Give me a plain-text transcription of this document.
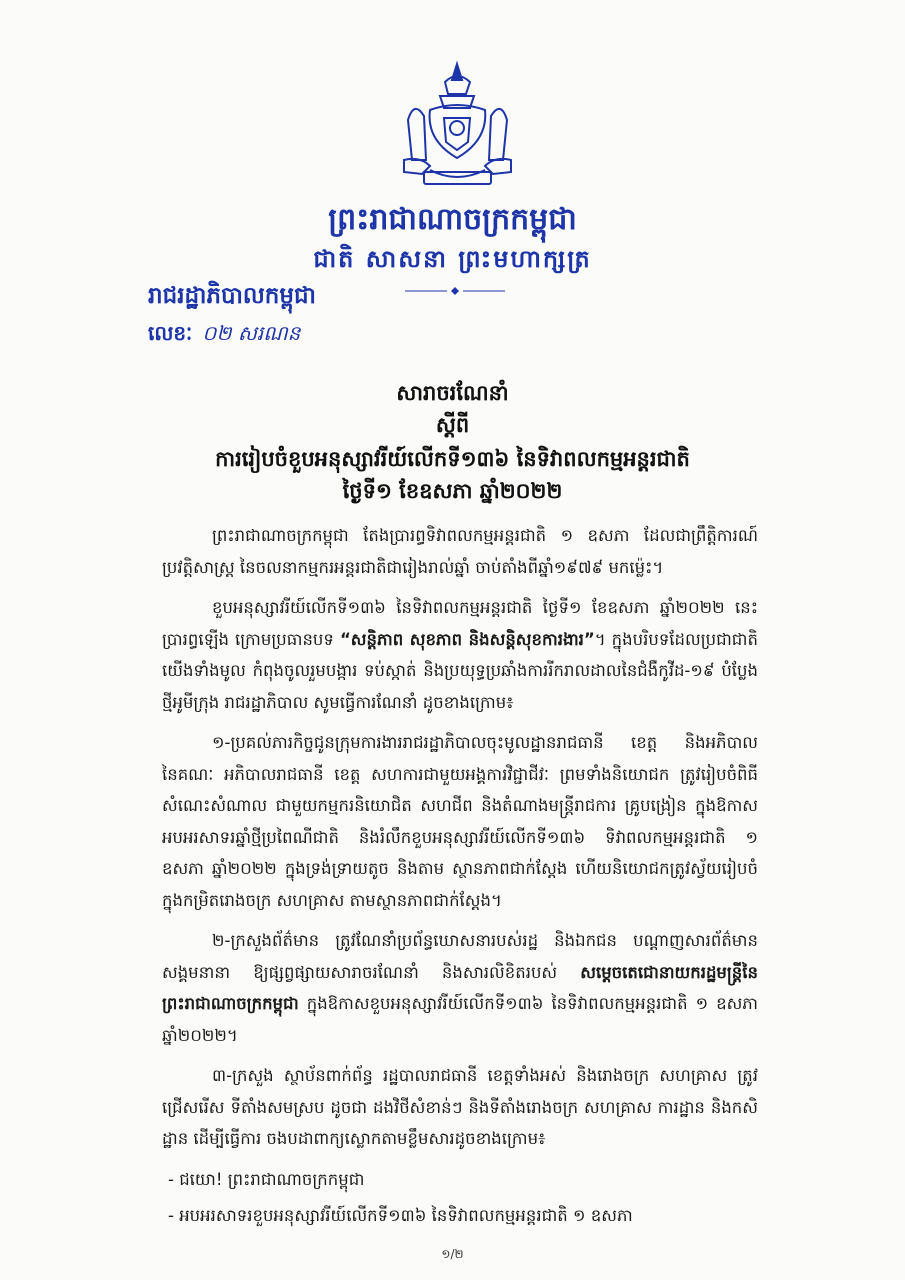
ព្រះរាជាណាចក្រកម្ពុជា
ជាតិ សាសនា ព្រះមហាក្សត្រ
រាជរដ្ឋាភិបាលកម្ពុជា
លេខៈ ០២ សរណន
សារាចរណែនាំ
ស្តីពី
ការរៀបចំខួបអនុស្សាវរីយ៍លើកទី១៣៦ នៃទិវាពលកម្មអន្តរជាតិ
ថ្ងៃទី១ ខែឧសភា ឆ្នាំ២០២២

ព្រះរាជាណាចក្រកម្ពុជា តែងប្រារព្ធទិវាពលកម្មអន្តរជាតិ ១ ឧសភា ដែលជាព្រឹត្តិការណ៍ប្រវត្តិសាស្ត្រ នៃចលនាកម្មករអន្តរជាតិជារៀងរាល់ឆ្នាំ ចាប់តាំងពីឆ្នាំ១៩៧៩ មកម្ល៉េះ។

ខួបអនុស្សាវរីយ៍លើកទី១៣៦ នៃទិវាពលកម្មអន្តរជាតិ ថ្ងៃទី១ ខែឧសភា ឆ្នាំ២០២២ នេះ ប្រារព្ធឡើង ក្រោមប្រធានបទ “សន្តិភាព សុខភាព និងសន្តិសុខការងារ”។ ក្នុងបរិបទដែលប្រជាជាតិយើងទាំងមូល កំពុងចូលរួមបង្ការ ទប់ស្កាត់ និងប្រយុទ្ធប្រឆាំងការរីករាលដាលនៃជំងឺកូវីដ-១៩ បំប្លែងថ្មីអូមីក្រុង រាជរដ្ឋាភិបាល សូមធ្វើការណែនាំ ដូចខាងក្រោម៖

១-ប្រគល់ភារកិច្ចជូនក្រុមការងាររាជរដ្ឋាភិបាលចុះមូលដ្ឋានរាជធានី ខេត្ត និងអភិបាលនៃគណៈ អភិបាលរាជធានី ខេត្ត សហការជាមួយអង្គការវិជ្ជាជីវៈ ព្រមទាំងនិយោជក ត្រូវរៀបចំពិធីសំណេះសំណាល ជាមួយកម្មករនិយោជិត សហជីព និងតំណាងមន្ត្រីរាជការ គ្រូបង្រៀន ក្នុងឱកាសអបអរសាទរឆ្នាំថ្មីប្រពៃណីជាតិ និងរំលឹកខួបអនុស្សាវរីយ៍លើកទី១៣៦ ទិវាពលកម្មអន្តរជាតិ ១ ឧសភា ឆ្នាំ២០២២ ក្នុងទ្រង់ទ្រាយតូច និងតាម ស្ថានភាពជាក់ស្តែង ហើយនិយោជកត្រូវស្វ័យរៀបចំក្នុងកម្រិតរោងចក្រ សហគ្រាស តាមស្ថានភាពជាក់ស្តែង។

២-ក្រសួងព័ត៌មាន ត្រូវណែនាំប្រព័ន្ធឃោសនារបស់រដ្ឋ និងឯកជន បណ្តាញសារព័ត៌មានសង្គមនានា ឱ្យផ្សព្វផ្សាយសារាចរណែនាំ និងសារលិខិតរបស់ សម្តេចតេជោនាយករដ្ឋមន្ត្រីនៃព្រះរាជាណាចក្រកម្ពុជា ក្នុងឱកាសខួបអនុស្សាវរីយ៍លើកទី១៣៦ នៃទិវាពលកម្មអន្តរជាតិ ១ ឧសភា ឆ្នាំ២០២២។

៣-ក្រសួង ស្ថាប័នពាក់ព័ន្ធ រដ្ឋបាលរាជធានី ខេត្តទាំងអស់ និងរោងចក្រ សហគ្រាស ត្រូវជ្រើសរើស ទីតាំងសមស្រប ដូចជា ដងវិថីសំខាន់ៗ និងទីតាំងរោងចក្រ សហគ្រាស ការដ្ឋាន និងកសិដ្ឋាន ដើម្បីធ្វើការ ចងបដាពាក្យស្លោកតាមខ្លឹមសារដូចខាងក្រោម៖

- ជយោ! ព្រះរាជាណាចក្រកម្ពុជា

- អបអរសាទរខួបអនុស្សាវរីយ៍លើកទី១៣៦ នៃទិវាពលកម្មអន្តរជាតិ ១ ឧសភា

១/២
